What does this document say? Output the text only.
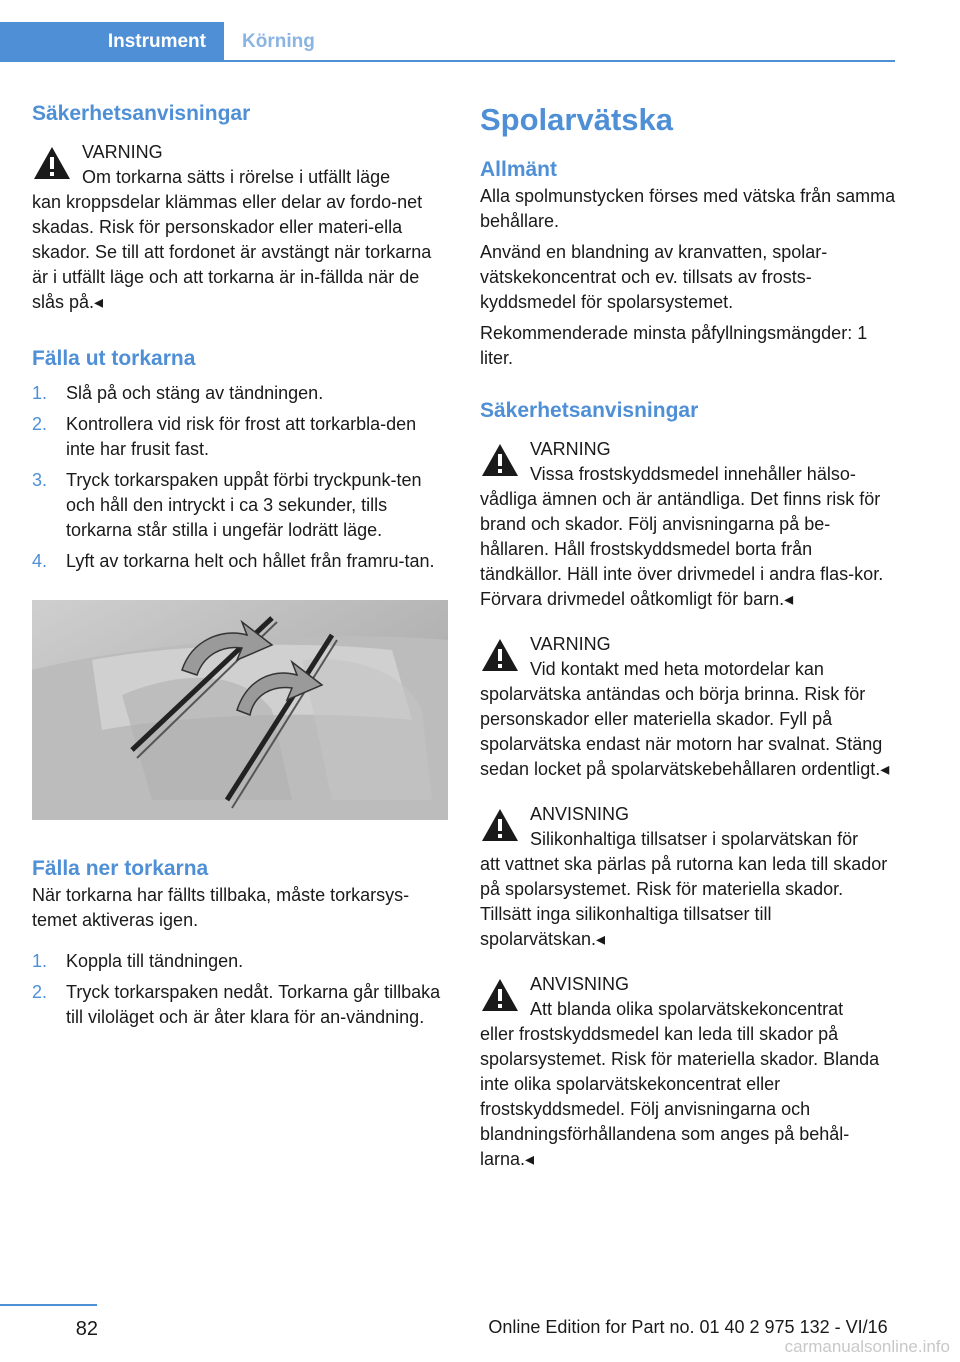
Instrument	Körning
Säkerhetsanvisningar
VARNING
Om torkarna sätts i rörelse i utfällt läge
kan kroppsdelar klämmas eller delar av fordo-net skadas. Risk för personskador eller materi-ella skador. Se till att fordonet är avstängt när torkarna är i utfällt läge och att torkarna är in-fällda när de slås på.◂
Fälla ut torkarna
1. Slå på och stäng av tändningen.
2. Kontrollera vid risk för frost att torkarbla-den inte har frusit fast.
3. Tryck torkarspaken uppåt förbi tryckpunk-ten och håll den intryckt i ca 3 sekunder, tills torkarna står stilla i ungefär lodrätt läge.
4. Lyft av torkarna helt och hållet från framru-tan.
Fälla ner torkarna

När torkarna har fällts tillbaka, måste torkarsys-temet aktiveras igen.

1. Koppla till tändningen.
2. Tryck torkarspaken nedåt. Torkarna går tillbaka till viloläget och är åter klara för an-vändning.
Spolarvätska
Allmänt

Alla spolmunstycken förses med vätska från samma behållare.

Använd en blandning av kranvatten, spolar-vätskekoncentrat och ev. tillsats av frosts-kyddsmedel för spolarsystemet.

Rekommenderade minsta påfyllningsmängder: 1 liter.

Säkerhetsanvisningar
VARNING
Vissa frostskyddsmedel innehåller hälso-
vådliga ämnen och är antändliga. Det finns risk för brand och skador. Följ anvisningarna på be-hållaren. Håll frostskyddsmedel borta från tändkällor. Häll inte över drivmedel i andra flas-kor. Förvara drivmedel oåtkomligt för barn.◂
VARNING
Vid kontakt med heta motordelar kan
spolarvätska antändas och börja brinna. Risk för personskador eller materiella skador. Fyll på spolarvätska endast när motorn har svalnat. Stäng sedan locket på spolarvätskebehållaren ordentligt.◂
ANVISNING
Silikonhaltiga tillsatser i spolarvätskan för
att vattnet ska pärlas på rutorna kan leda till skador på spolarsystemet. Risk för materiella skador. Tillsätt inga silikonhaltiga tillsatser till spolarvätskan.◂
ANVISNING
Att blanda olika spolarvätskekoncentrat
eller frostskyddsmedel kan leda till skador på spolarsystemet. Risk för materiella skador. Blanda inte olika spolarvätskekoncentrat eller frostskyddsmedel. Följ anvisningarna och blandningsförhållandena som anges på behål-larna.◂
82	Online Edition for Part no. 01 40 2 975 132 - VI/16
carmanualsonline.info
